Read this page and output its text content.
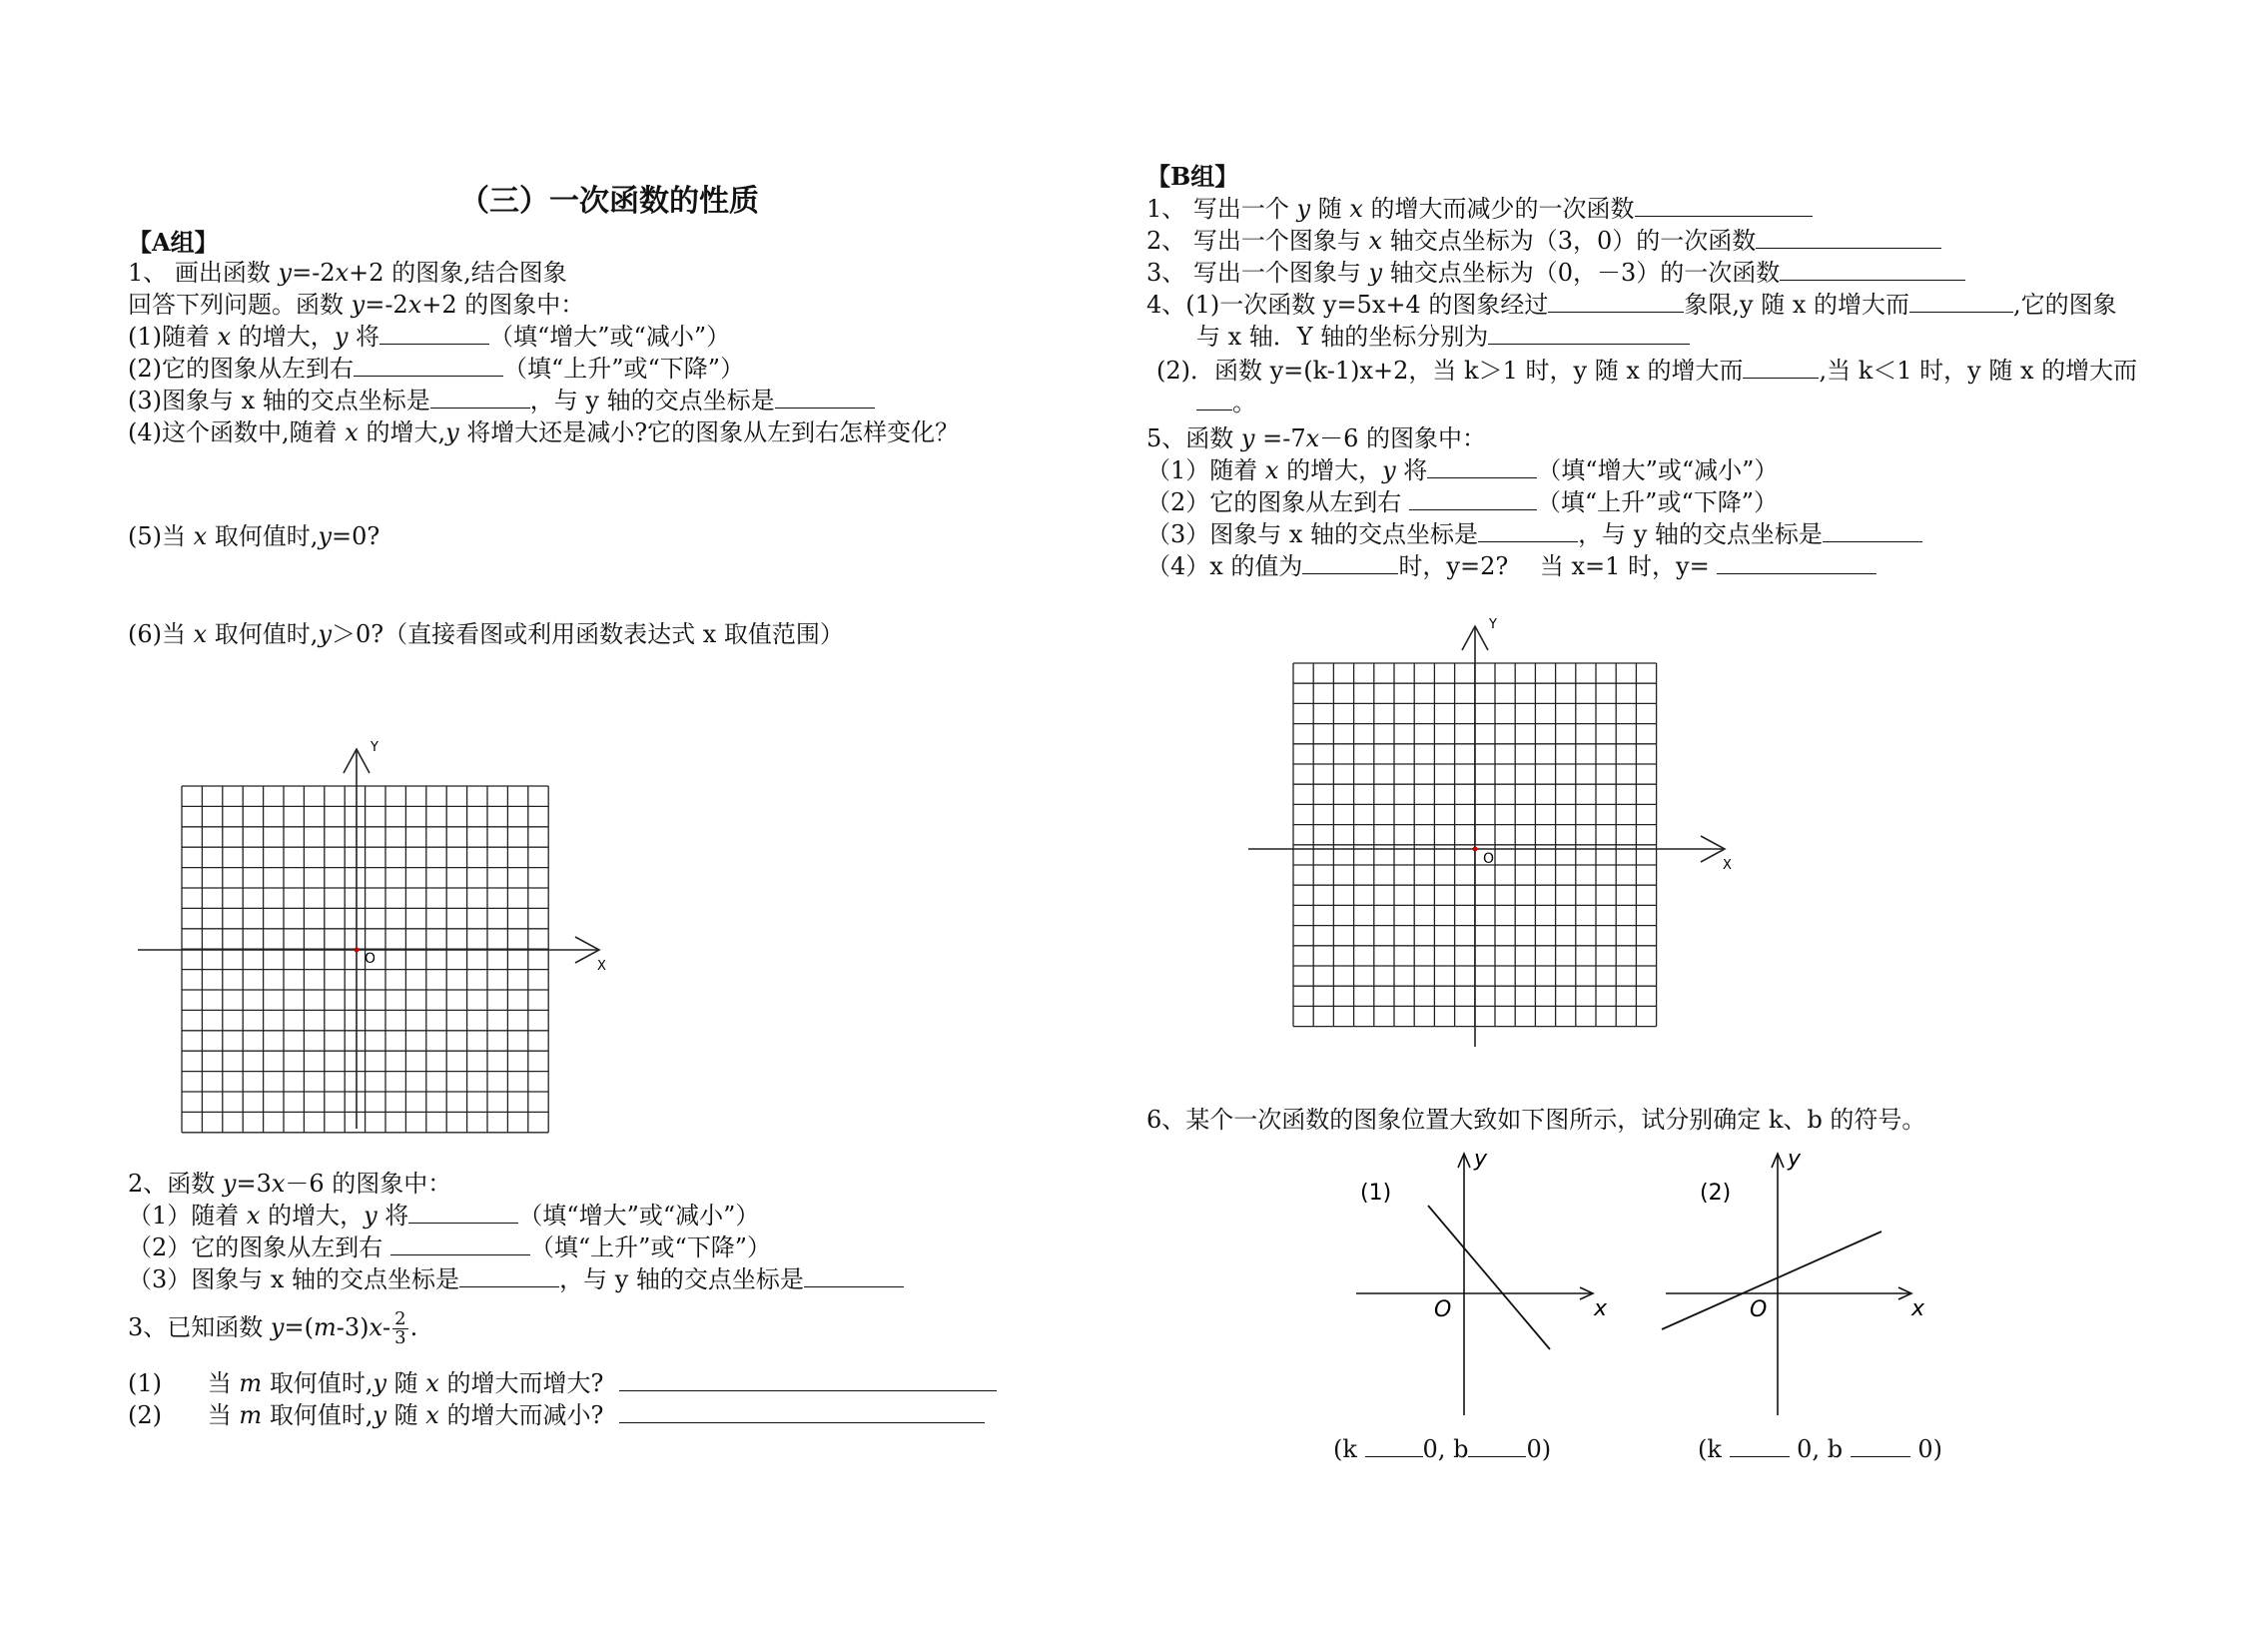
（三）一次函数的性质
【A组】
1、 画出函数 y=-2x+2 的图象,结合图象
回答下列问题。函数 y=-2x+2 的图象中：
(1)随着 x 的增大，y 将	（填“增大”或“减小”）
(2)它的图象从左到右	（填“上升”或“下降”）
(3)图象与 x 轴的交点坐标是	，与 y 轴的交点坐标是
(4)这个函数中,随着 x 的增大,y 将增大还是减小?它的图象从左到右怎样变化？
(5)当 x 取何值时,y=0?
(6)当 x 取何值时,y＞0?（直接看图或利用函数表达式 x 取值范围）
O	X
Y
2、函数 y=3x－6 的图象中：
（1）随着 x 的增大，y 将	（填“增大”或“减小”）
（2）它的图象从左到右	（填“上升”或“下降”）
（3）图象与 x 轴的交点坐标是	，与 y 轴的交点坐标是
3、已知函数 $y=(m-3)x- \frac{2}{3}$ .
(1) 当 m 取何值时,y 随 x 的增大而增大?
(2) 当 m 取何值时,y 随 x 的增大而减小?
【B组】
1、 写出一个 y 随 x 的增大而减少的一次函数
2、 写出一个图象与 x 轴交点坐标为（3，0）的一次函数
3、 写出一个图象与 y 轴交点坐标为（0，－3）的一次函数
4、(1)一次函数 y=5x+4 的图象经过	象限,y 随 x 的增大而	,它的图象
与 x 轴．Y 轴的坐标分别为
(2)．函数 y=(k-1)x+2，当 k＞1 时，y 随 x 的增大而	,当 k＜1 时，y 随 x 的增大而
。
5、函数 y =-7x－6 的图象中：
（1）随着 x 的增大，y 将	（填“增大”或“减小”）
（2）它的图象从左到右	（填“上升”或“下降”）
（3）图象与 x 轴的交点坐标是	，与 y 轴的交点坐标是
（4）x 的值为	时，y=2?　 当 x=1 时，y=
O	X
Y
6、某个一次函数的图象位置大致如下图所示，试分别确定 k、b 的符号。
(1)
y
x
O
(k 0, b 0)
(2)
y
x
O
(k	0, b	0)
